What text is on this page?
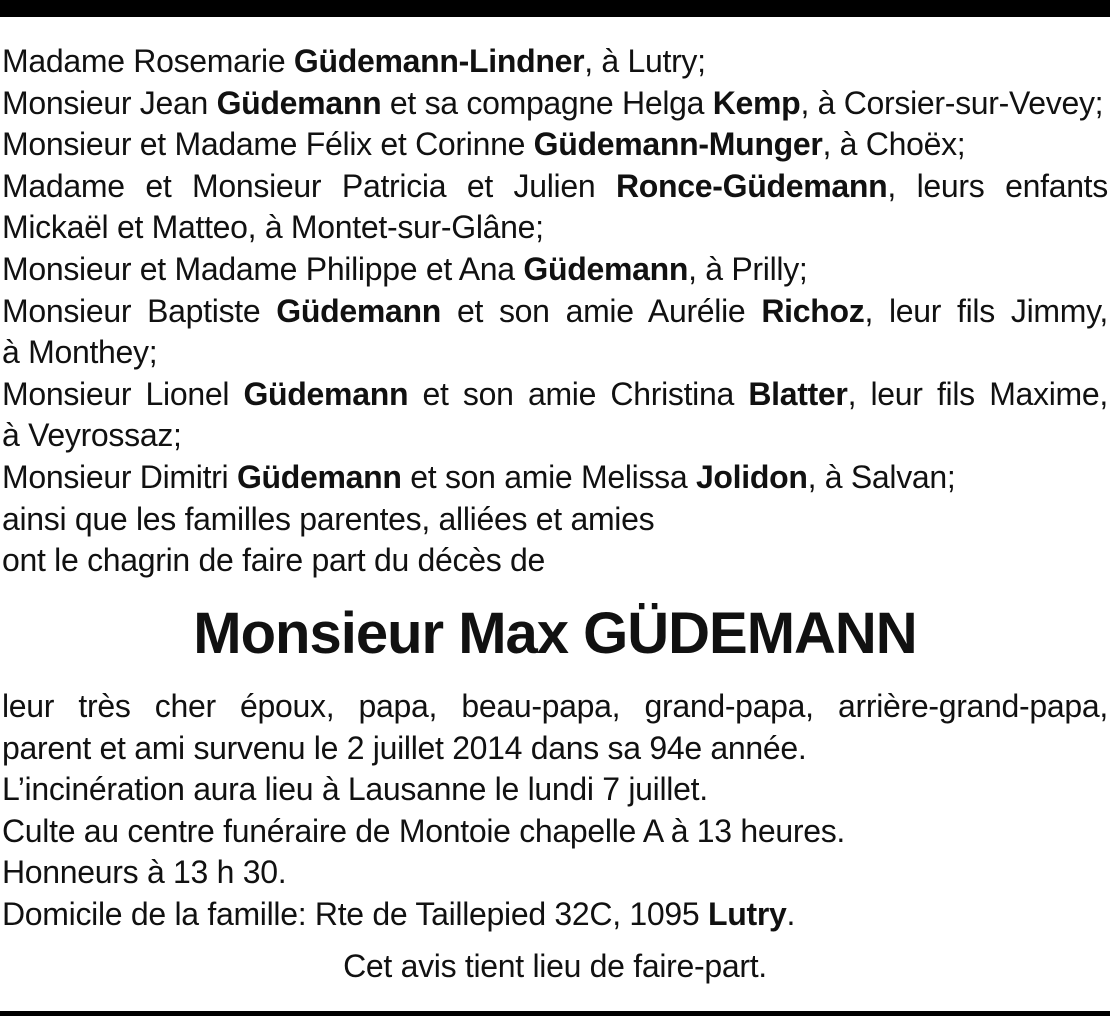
Madame Rosemarie Güdemann-Lindner, à Lutry;
Monsieur Jean Güdemann et sa compagne Helga Kemp, à Corsier-sur-Vevey;
Monsieur et Madame Félix et Corinne Güdemann-Munger, à Choëx;
Madame et Monsieur Patricia et Julien Ronce-Güdemann, leurs enfants
Mickaël et Matteo, à Montet-sur-Glâne;
Monsieur et Madame Philippe et Ana Güdemann, à Prilly;
Monsieur Baptiste Güdemann et son amie Aurélie Richoz, leur fils Jimmy,
à Monthey;
Monsieur Lionel Güdemann et son amie Christina Blatter, leur fils Maxime,
à Veyrossaz;
Monsieur Dimitri Güdemann et son amie Melissa Jolidon, à Salvan;
ainsi que les familles parentes, alliées et amies
ont le chagrin de faire part du décès de
Monsieur Max GÜDEMANN
leur très cher époux, papa, beau-papa, grand-papa, arrière-grand-papa,
parent et ami survenu le 2 juillet 2014 dans sa 94e année.
L’incinération aura lieu à Lausanne le lundi 7 juillet.
Culte au centre funéraire de Montoie chapelle A à 13 heures.
Honneurs à 13 h 30.
Domicile de la famille: Rte de Taillepied 32C, 1095 Lutry.
Cet avis tient lieu de faire-part.
